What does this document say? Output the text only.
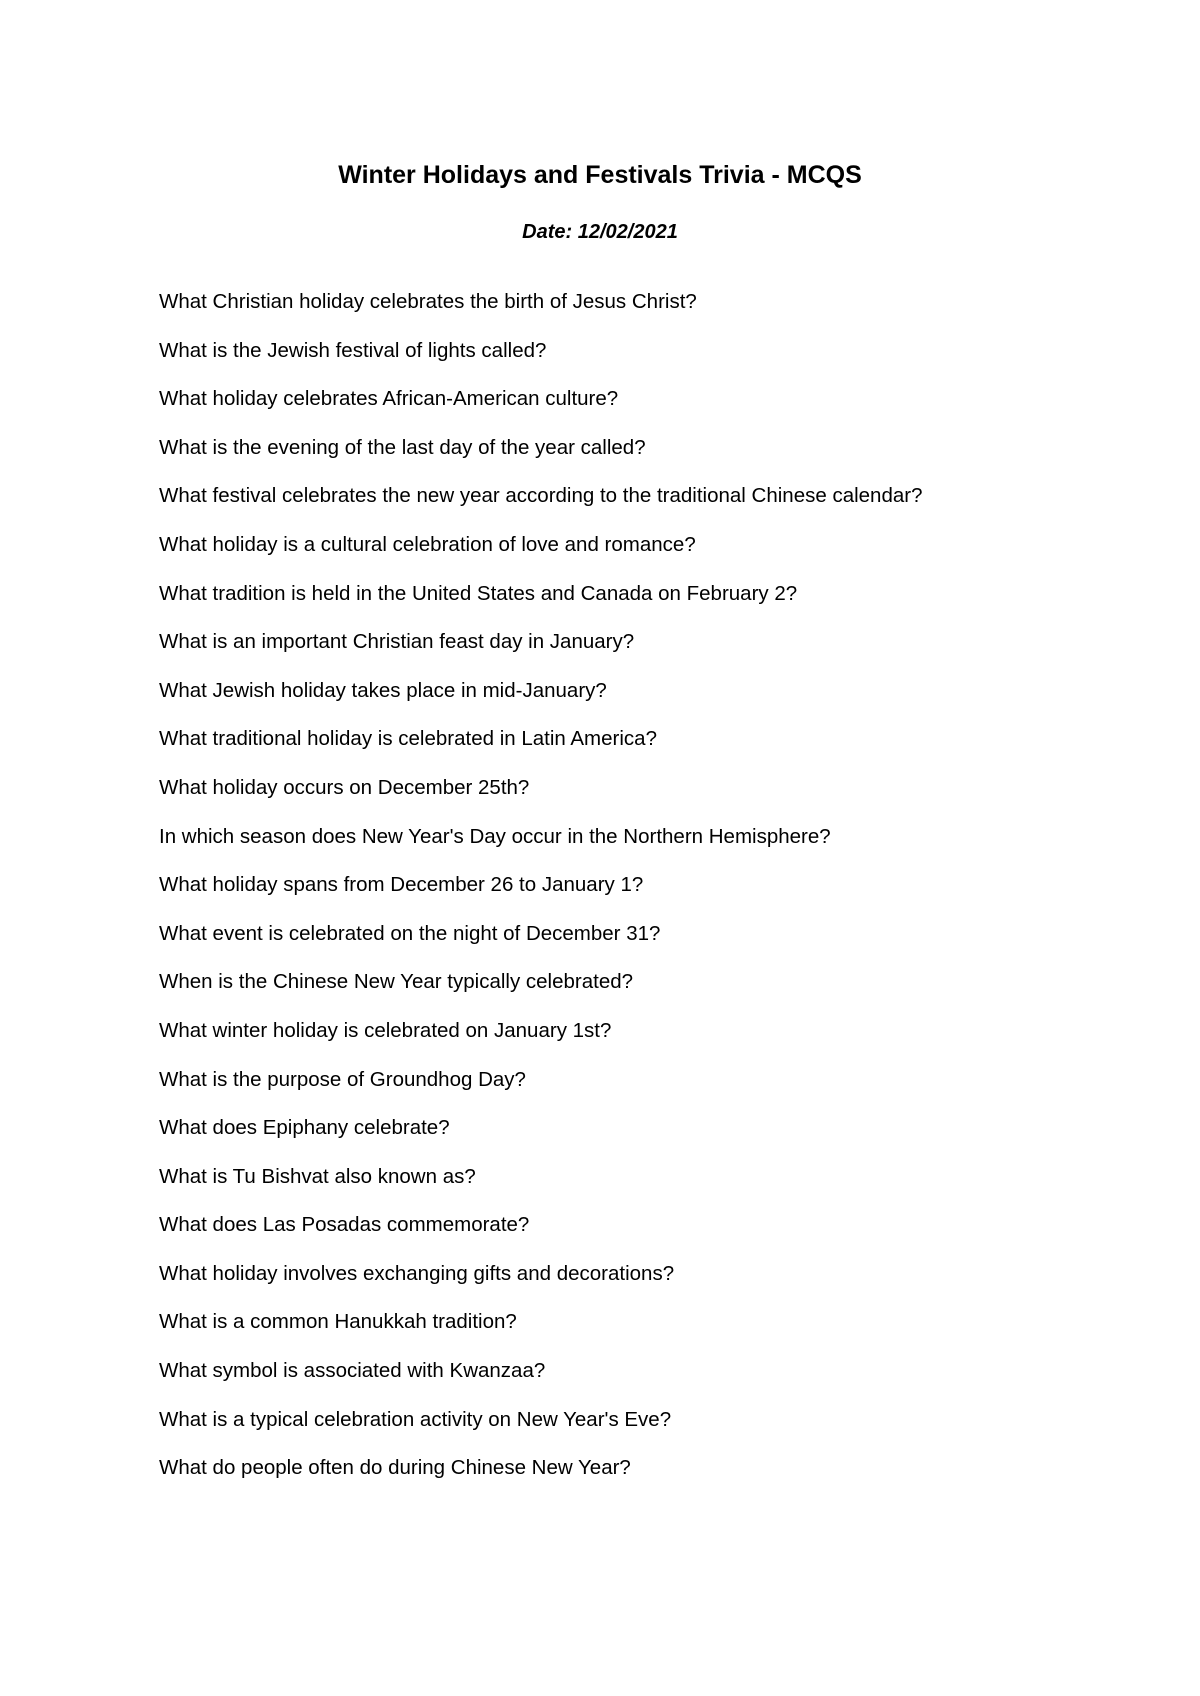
Winter Holidays and Festivals Trivia - MCQS

Date: 12/02/2021

What Christian holiday celebrates the birth of Jesus Christ?
What is the Jewish festival of lights called?
What holiday celebrates African-American culture?
What is the evening of the last day of the year called?
What festival celebrates the new year according to the traditional Chinese calendar?
What holiday is a cultural celebration of love and romance?
What tradition is held in the United States and Canada on February 2?
What is an important Christian feast day in January?
What Jewish holiday takes place in mid-January?
What traditional holiday is celebrated in Latin America?
What holiday occurs on December 25th?
In which season does New Year's Day occur in the Northern Hemisphere?
What holiday spans from December 26 to January 1?
What event is celebrated on the night of December 31?
When is the Chinese New Year typically celebrated?
What winter holiday is celebrated on January 1st?
What is the purpose of Groundhog Day?
What does Epiphany celebrate?
What is Tu Bishvat also known as?
What does Las Posadas commemorate?
What holiday involves exchanging gifts and decorations?
What is a common Hanukkah tradition?
What symbol is associated with Kwanzaa?
What is a typical celebration activity on New Year's Eve?
What do people often do during Chinese New Year?
